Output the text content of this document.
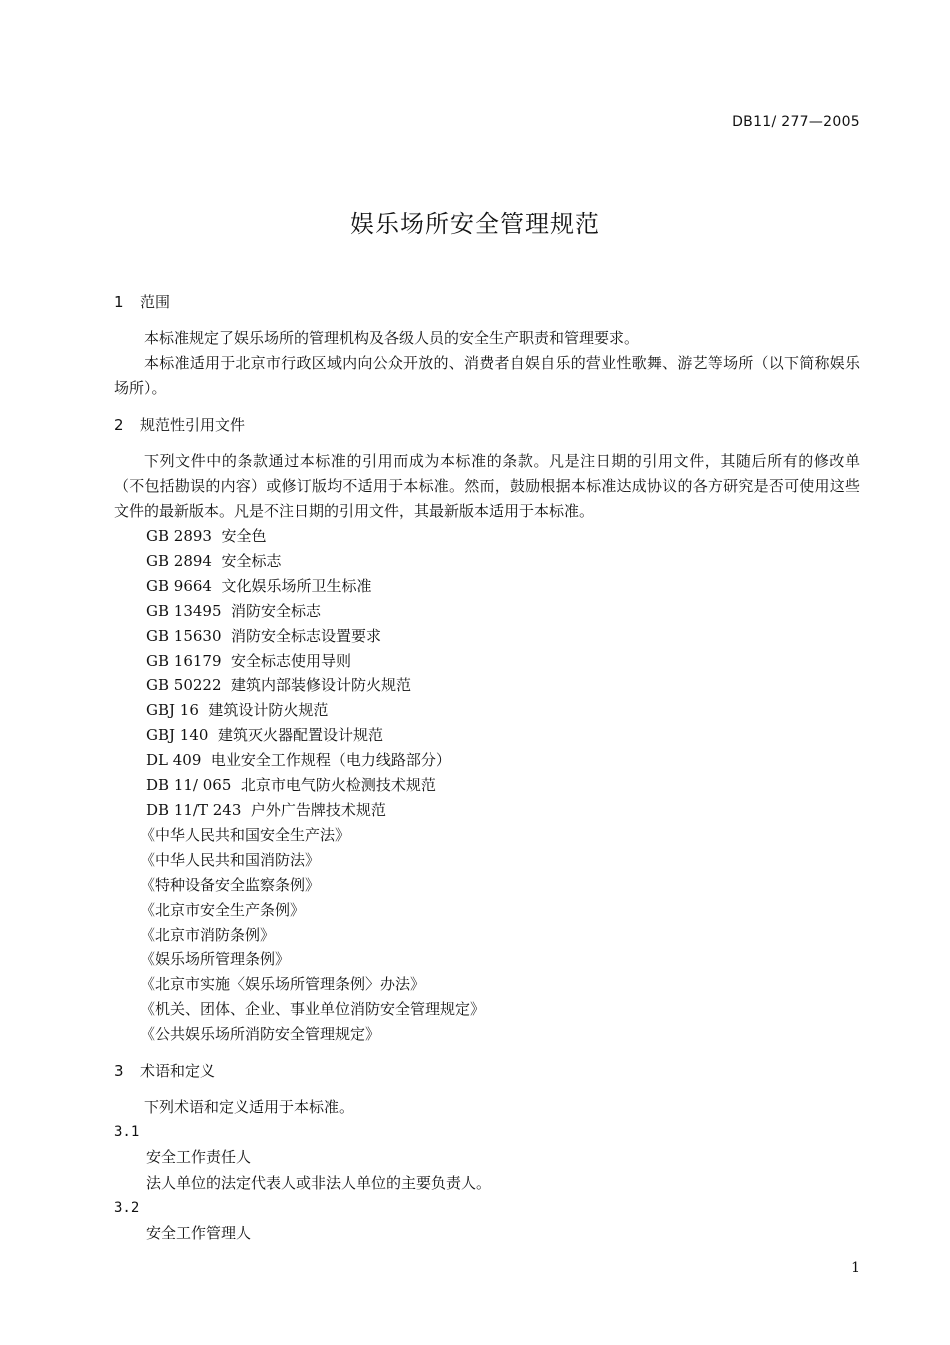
DB11/ 277—2005
娱乐场所安全管理规范

1 范围

本标准规定了娱乐场所的管理机构及各级人员的安全生产职责和管理要求。

本标准适用于北京市行政区域内向公众开放的、消费者自娱自乐的营业性歌舞、游艺等场所（以下简称娱乐场所）。

2 规范性引用文件

下列文件中的条款通过本标准的引用而成为本标准的条款。凡是注日期的引用文件，其随后所有的修改单（不包括勘误的内容）或修订版均不适用于本标准。然而，鼓励根据本标准达成协议的各方研究是否可使用这些文件的最新版本。凡是不注日期的引用文件，其最新版本适用于本标准。

GB 2893  安全色
GB 2894  安全标志
GB 9664  文化娱乐场所卫生标准
GB 13495  消防安全标志
GB 15630  消防安全标志设置要求
GB 16179  安全标志使用导则
GB 50222  建筑内部装修设计防火规范
GBJ 16  建筑设计防火规范
GBJ 140  建筑灭火器配置设计规范
DL 409  电业安全工作规程（电力线路部分）
DB 11/ 065  北京市电气防火检测技术规范
DB 11/T 243  户外广告牌技术规范
《中华人民共和国安全生产法》
《中华人民共和国消防法》
《特种设备安全监察条例》
《北京市安全生产条例》
《北京市消防条例》
《娱乐场所管理条例》
《北京市实施〈娱乐场所管理条例〉办法》
《机关、团体、企业、事业单位消防安全管理规定》
《公共娱乐场所消防安全管理规定》

3 术语和定义

下列术语和定义适用于本标准。

3.1

安全工作责任人

法人单位的法定代表人或非法人单位的主要负责人。

3.2

安全工作管理人

1
